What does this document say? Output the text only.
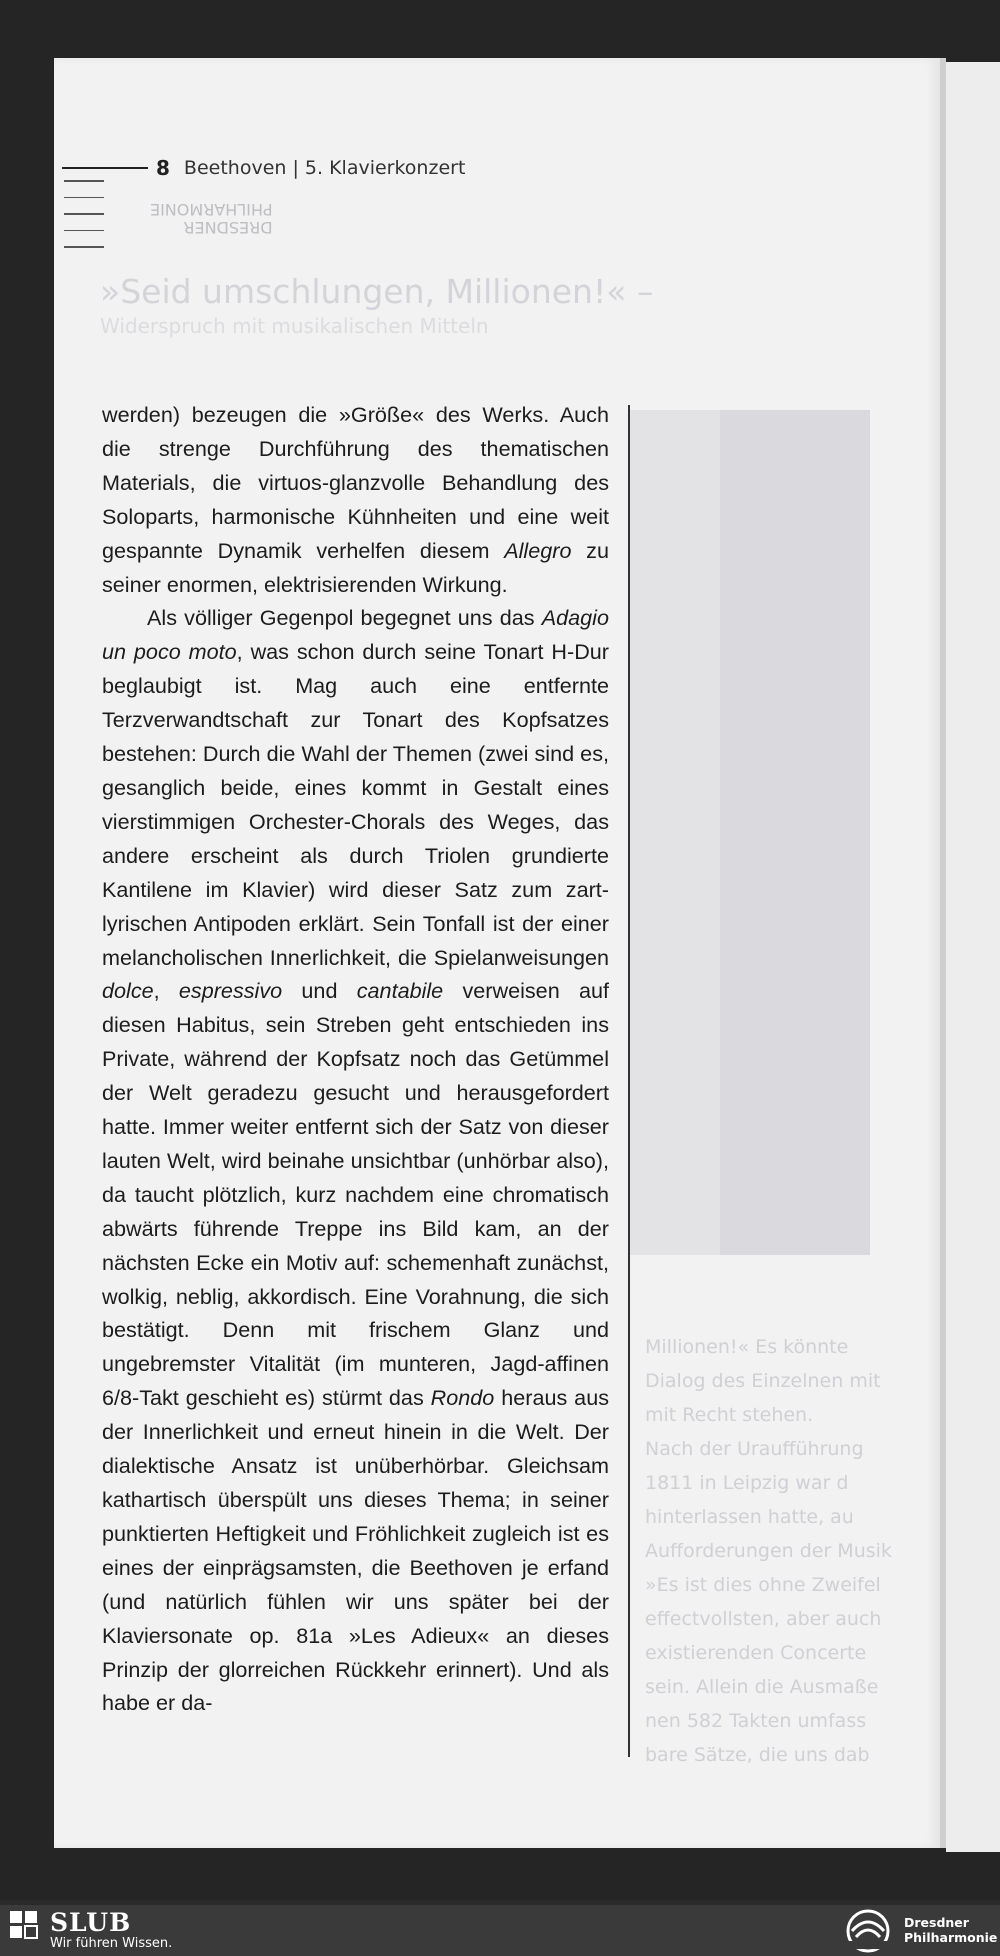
8 Beethoven | 5. Klavierkonzert
DRESDNER
PHILHARMONIE
»Seid umschlungen, Millionen!« –
Widerspruch mit musikalischen Mitteln
Millionen!« Es könnte
Dialog des Einzelnen mit
mit Recht stehen.
Nach der Uraufführung
1811 in Leipzig war d
hinterlassen hatte, au
Aufforderungen der Musik
»Es ist dies ohne Zweifel
effectvollsten, aber auch
existierenden Concerte
sein. Allein die Ausmaße
nen 582 Takten umfass
bare Sätze, die uns dab

werden) bezeugen die »Größe« des Werks. Auch die strenge Durchführung des thematischen Materials, die virtuos-glanzvolle Behandlung des Soloparts, harmonische Kühnheiten und eine weit gespannte Dynamik verhelfen diesem Allegro zu seiner enormen, elektrisierenden Wirkung.

Als völliger Gegenpol begegnet uns das Adagio un poco moto, was schon durch seine Tonart H-Dur beglaubigt ist. Mag auch eine entfernte Terzverwandtschaft zur Tonart des Kopfsatzes bestehen: Durch die Wahl der Themen (zwei sind es, gesanglich beide, eines kommt in Gestalt eines vierstimmigen Orchester-Chorals des Weges, das andere erscheint als durch Triolen grundierte Kantilene im Klavier) wird dieser Satz zum zart-lyrischen Antipoden erklärt. Sein Tonfall ist der einer melancholischen Innerlichkeit, die Spielanweisungen dolce, espressivo und cantabile verweisen auf diesen Habitus, sein Streben geht entschieden ins Private, während der Kopfsatz noch das Getümmel der Welt geradezu gesucht und herausgefordert hatte. Immer weiter entfernt sich der Satz von dieser lauten Welt, wird beinahe unsichtbar (unhörbar also), da taucht plötzlich, kurz nachdem eine chromatisch abwärts führende Treppe ins Bild kam, an der nächsten Ecke ein Motiv auf: schemenhaft zunächst, wolkig, neblig, akkordisch. Eine Vorahnung, die sich bestätigt. Denn mit frischem Glanz und ungebremster Vitalität (im munteren, Jagd-affinen 6/8-Takt geschieht es) stürmt das Rondo heraus aus der Innerlichkeit und erneut hinein in die Welt. Der dialektische Ansatz ist unüberhörbar. Gleichsam kathartisch überspült uns dieses Thema; in seiner punktierten Heftigkeit und Fröhlichkeit zugleich ist es eines der einprägsamsten, die Beethoven je erfand (und natürlich fühlen wir uns später bei der Klaviersonate op. 81a »Les Adieux« an dieses Prinzip der glorreichen Rückkehr erinnert). Und als habe er da-

SLUB
Wir führen Wissen.
Dresdner
Philharmonie
